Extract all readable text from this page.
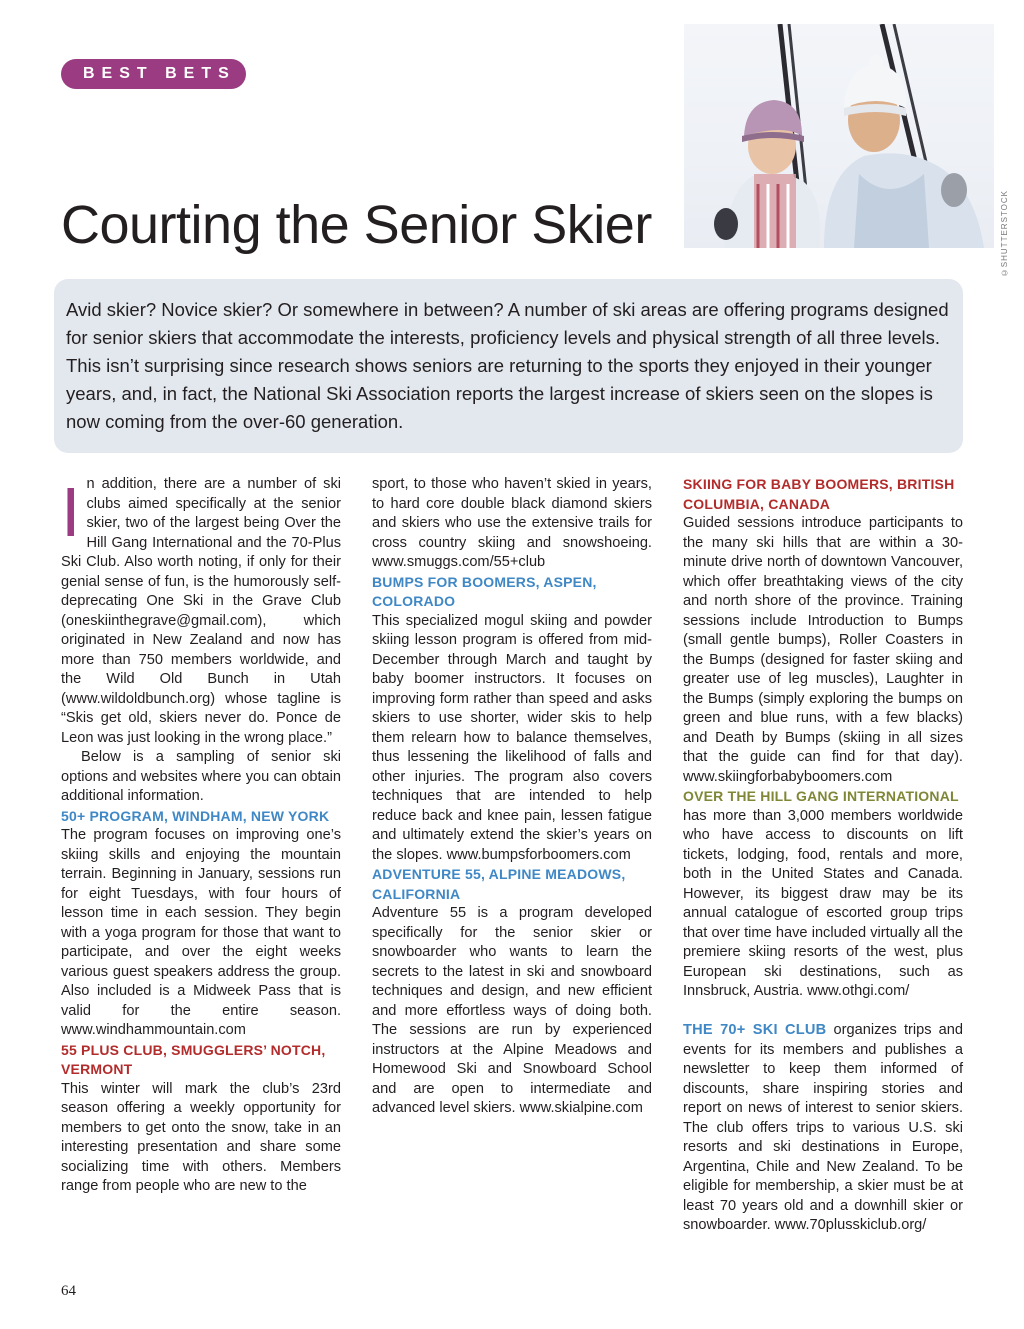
BEST BETS
Courting the Senior Skier	©SHUTTERSTOCK
Avid skier? Novice skier? Or somewhere in between? A number of ski areas are offering programs designed for senior skiers that accommodate the interests, proficiency levels and physical strength of all three levels. This isn’t surprising since research shows seniors are returning to the sports they enjoyed in their younger years, and, in fact, the National Ski Association reports the largest increase of skiers seen on the slopes is now coming from the over-60 generation.

In addition, there are a number of ski clubs aimed specifically at the senior skier, two of the largest being Over the Hill Gang International and the 70-Plus Ski Club. Also worth noting, if only for their genial sense of fun, is the humorously self-deprecating One Ski in the Grave Club (oneskiinthegrave@gmail.com), which originated in New Zealand and now has more than 750 members worldwide, and the Wild Old Bunch in Utah (www.wildoldbunch.org) whose tagline is “Skis get old, skiers never do. Ponce de Leon was just looking in the wrong place.”

Below is a sampling of senior ski options and websites where you can obtain additional information.

50+ PROGRAM, WINDHAM, NEW YORK

The program focuses on improving one’s skiing skills and enjoying the mountain terrain. Beginning in January, sessions run for eight Tuesdays, with four hours of lesson time in each session. They begin with a yoga program for those that want to participate, and over the eight weeks various guest speakers address the group. Also included is a Midweek Pass that is valid for the entire season. www.windhammountain.com

55 PLUS CLUB, SMUGGLERS’ NOTCH, VERMONT

This winter will mark the club’s 23rd season offering a weekly opportunity for members to get onto the snow, take in an interesting presentation and share some socializing time with others. Members range from people who are new to the

sport, to those who haven’t skied in years, to hard core double black diamond skiers and skiers who use the extensive trails for cross country skiing and snowshoeing. www.smuggs.com/55+club

BUMPS FOR BOOMERS, ASPEN, COLORADO

This specialized mogul skiing and powder skiing lesson program is offered from mid-December through March and taught by baby boomer instructors. It focuses on improving form rather than speed and asks skiers to use shorter, wider skis to help them relearn how to balance themselves, thus lessening the likelihood of falls and other injuries. The program also covers techniques that are intended to help reduce back and knee pain, lessen fatigue and ultimately extend the skier’s years on the slopes. www.bumpsforboomers.com

ADVENTURE 55, ALPINE MEADOWS, CALIFORNIA

Adventure 55 is a program developed specifically for the senior skier or snowboarder who wants to learn the secrets to the latest in ski and snowboard techniques and design, and new efficient and more effortless ways of doing both. The sessions are run by experienced instructors at the Alpine Meadows and Homewood Ski and Snowboard School and are open to intermediate and advanced level skiers. www.skialpine.com

SKIING FOR BABY BOOMERS, BRITISH COLUMBIA, CANADA

Guided sessions introduce participants to the many ski hills that are within a 30-minute drive north of downtown Vancouver, which offer breathtaking views of the city and north shore of the province. Training sessions include Introduction to Bumps (small gentle bumps), Roller Coasters in the Bumps (designed for faster skiing and greater use of leg muscles), Laughter in the Bumps (simply exploring the bumps on green and blue runs, with a few blacks) and Death by Bumps (skiing in all sizes that the guide can find for that day). www.skiingforbabyboomers.com

OVER THE HILL GANG INTERNATIONAL

has more than 3,000 members worldwide who have access to discounts on lift tickets, lodging, food, rentals and more, both in the United States and Canada. However, its biggest draw may be its annual catalogue of escorted group trips that over time have included virtually all the premiere skiing resorts of the west, plus European ski destinations, such as Innsbruck, Austria. www.othgi.com/

THE 70+ SKI CLUB organizes trips and events for its members and publishes a newsletter to keep them informed of discounts, share inspiring stories and report on news of interest to senior skiers. The club offers trips to various U.S. ski resorts and ski destinations in Europe, Argentina, Chile and New Zealand. To be eligible for membership, a skier must be at least 70 years old and a downhill skier or snowboarder. www.70plusskiclub.org/

64
